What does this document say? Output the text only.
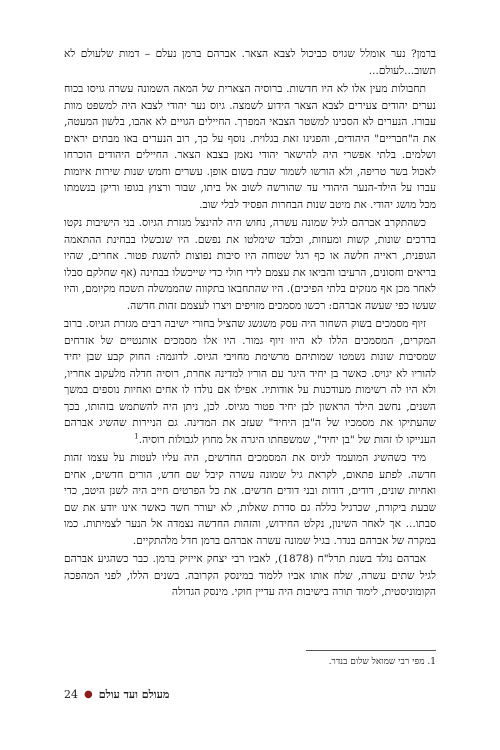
ברמן? נער אומלל שגויס כביכול לצבא הצאר. אברהם ברמן נעלם – דמות שלעולם לא תשוב...לעולם...

תחבולות מעין אלו לא היו חדשות. ברוסיה הצארית של המאה השמונה עשרה גויסו בכוח נערים יהודים צעירים לצבא הצאר הידוע לשמצה. גיוס נער יהודי לצבא היה למשפט מוות עבורו. הנערים לא הסכינו למשטר הצבאי המפרך. החיילים הגויים לא אהבו, בלשון המעטה, את ה"חבריים" היהודים, והפגינו זאת בגלוית. נוסף על כך, רוב הנערים באו מבתים יראים ושלמים. בלתי אפשרי היה להישאר יהודי נאמן בצבא הצאר. החיילים היהודים הוכרחו לאכול בשר טריפה, ולא הורשו לשמור שבת בשום אופן. עשרים וחמש שנות שירות איומות עברו על הילד-הנער היהודי עד שהורשה לשוב אל ביתו, שבור ורצוץ בגופו וריקן בנשמתו מכל מושג יהודי. את מיטב שנות הבחרות הפסיד לבלי שוב.

כשהתקרב אברהם לגיל שמונה עשרה, נחוש היה להינצל מגזרת הגיוס. בני הישיבות נקטו בדרכים שונות, קשות ומעוזות, ובלבד שימלטו את נפשם. היו שנכשלו בבחינת ההתאמה הגופנית, ראייה חלשה או כף רגל שטוחה היו סיבות נפוצות להשגת פטור. אחרים, שהיו בריאים וחסונים, הרעיבו והביאו את עצמם לידי חולי כדי שייכשלו בבחינה (אף שחלקם סבלו לאחר מכן אף מנזקים בלתי הפיכים). היו שהתחבאו בתקווה שהממשלה תשכח מקיומם, והיו שעשו כפי שעשה אברהם: רכשו מסמכים מזויפים ויצרו לעצמם זהות חדשה.

זיוף מסמכים בשוק השחור היה עסק משגשג שהציל בחורי ישיבה רבים מגזרת הגיוס. ברוב המקרים, המסמכים הללו לא היוו זיוף גמור. היו אלו מסמכים אותנטיים של אזרחים שמסיבות שונות נשמטו שמותיהם מרשימת מחויבי הגיוס. לדוגמה: החוק קבע שבן יחיד להוריו לא יגויס. כאשר בן יחיד היגר עם הוריו למדינה אחרת, רוסיה חדלה מלעקוב אחריו, ולא היו לה רשימות מעודכנות על אודותיו. אפילו אם נולדו לו אחים ואחיות נוספים במשך השנים, נחשב הילד הראשון לבן יחיד פטור מגיוס. לכן, ניתן היה להשתמש בזהותו, בכך שהעתיקו את מסמכיו של ה"בן היחיד" שעזב את המדינה. גם הניירות שהשיג אברהם הענייקו לו זהות של "בן יחיד", שמשפחתו היגרה אל מחוץ לגבולות רוסיה.$^1$

מיד כשהשיג המועמד לגיוס את המסמכים החדשים, היה עליו לעטות על עצמו זהות חדשה. לפתע פתאום, לקראת גיל שמונה עשרה קיבל שם חדש, הורים חדשים, אחים ואחיות שונים, דודים, דודות ובני דודים חדשים. את כל הפרטים חייב היה לשנן היטב, כדי שבעת ביקורת, שכרגיל כללה גם סדרת שאלות, לא יעורר חשד כאשר אינו יודע את שם סבתו... אך לאחר השינון, נקלט החידוש, והזהות החדשה נצמדה אל הנער לצמיתות. כמו במקרה של אברהם בנדר. בגיל שמונה עשרה אברהם ברמן חדל מלהתקיים.

אברהם נולד בשנת תרל"ח (1878), לאביו רבי יצחק אייזיק ברמן. כבר כשהגיע אברהם לגיל שתים עשרה, שלח אותו אביו ללמוד במינסק הקרובה. בשנים הללו, לפני המהפכה הקומוניסטית, לימוד תורה בישיבות היה עדיין חוקי. מינסק הגדולה

1. מפי רבי שמואל שלום בנדר.
24 ● מעולם ועד עולם
